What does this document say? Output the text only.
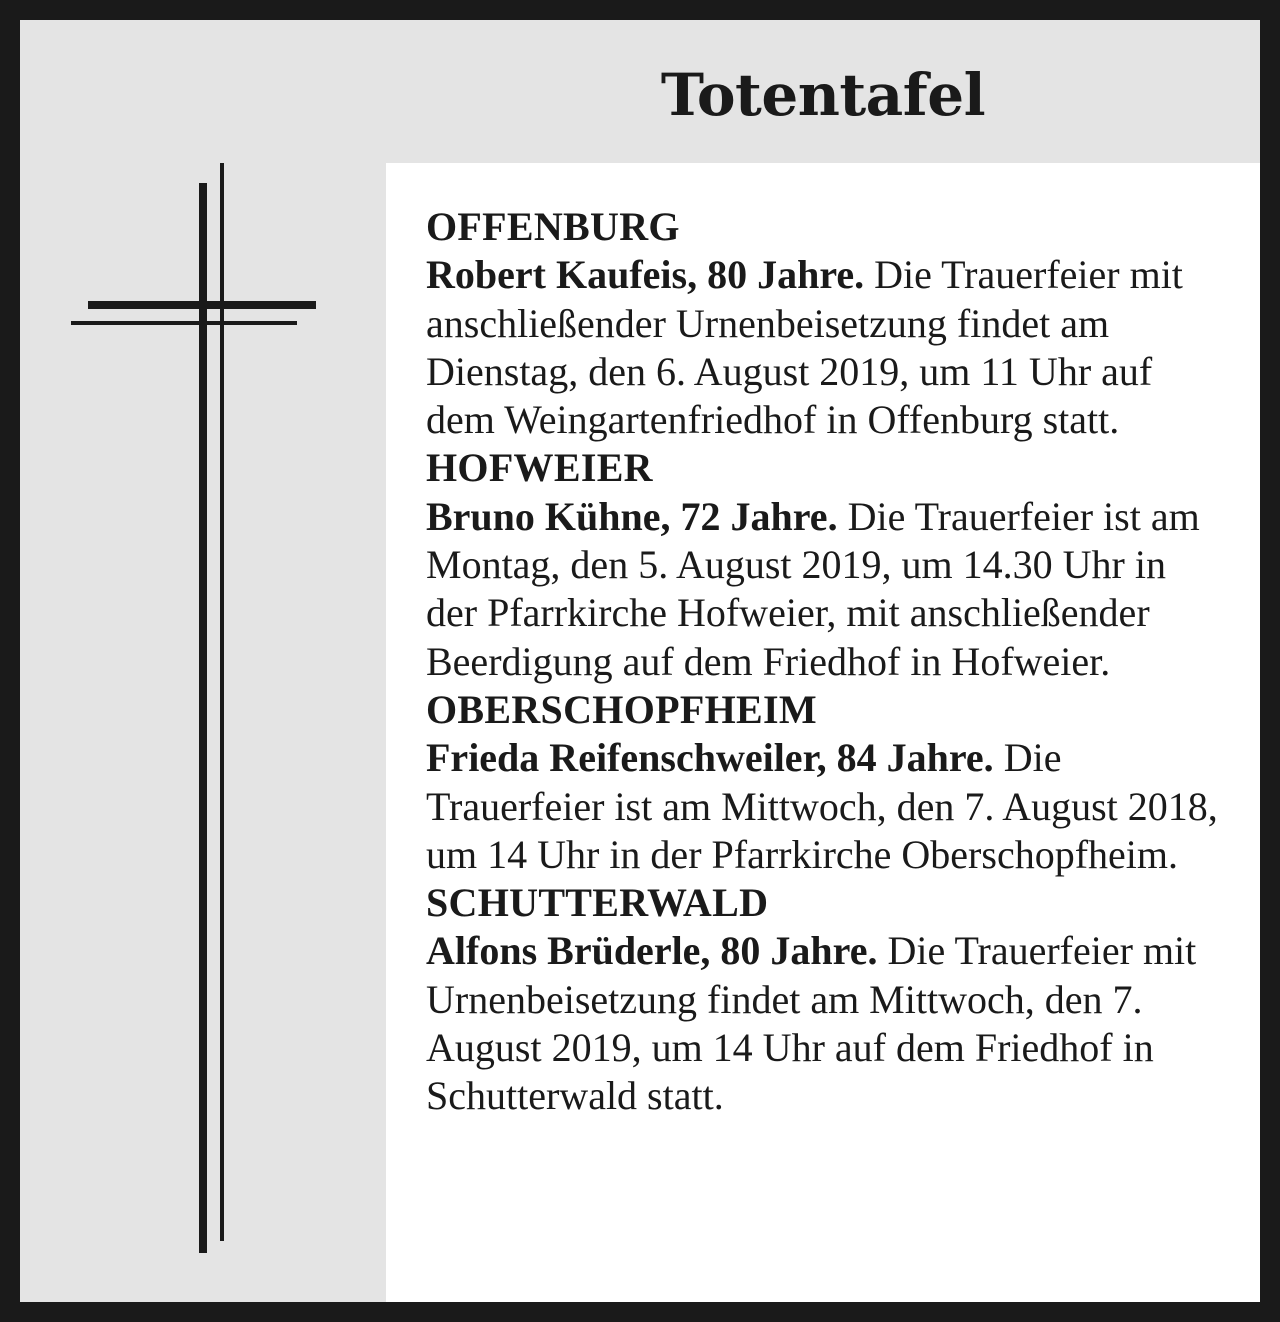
Totentafel
OFFENBURG

Robert Kaufeis, 80 Jahre. Die Trauerfeier mit anschließender Urnenbeisetzung findet am Dienstag, den 6. August 2019, um 11 Uhr auf dem Weingartenfriedhof in Offenburg statt.

HOFWEIER

Bruno Kühne, 72 Jahre. Die Trauerfeier ist am Montag, den 5. August 2019, um 14.30 Uhr in der Pfarrkirche Hofweier, mit anschließender Beerdigung auf dem Friedhof in Hofweier.

OBERSCHOPFHEIM

Frieda Reifenschweiler, 84 Jahre. Die Trauerfeier ist am Mittwoch, den 7. August 2018, um 14 Uhr in der Pfarrkirche Oberschopfheim.

SCHUTTERWALD

Alfons Brüderle, 80 Jahre. Die Trauerfeier mit Urnenbeisetzung findet am Mittwoch, den 7. August 2019, um 14 Uhr auf dem Friedhof in Schutterwald statt.
